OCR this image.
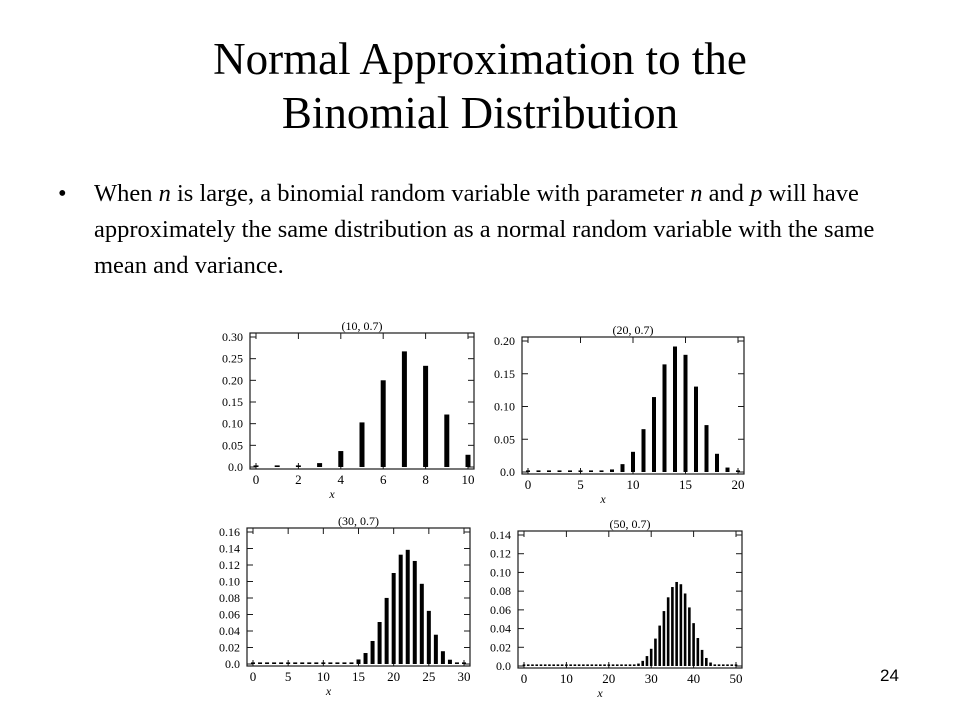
Normal Approximation to the
Binomial Distribution
• When n is large, a binomial random variable with parameter n and p will have approximately the same distribution as a normal random variable with the same mean and variance.
(10, 0.7)
0.0
0.05
0.10
0.15
0.20
0.25
0.30
0	2	4	6	8	10
x
(20, 0.7)
0.0
0.05
0.10
0.15
0.20
0	5	10	15	20
x
(30, 0.7)
0.0
0.02
0.04
0.06
0.08
0.10
0.12
0.14
0.16
0 5 10 15 20 25 30
x
(50, 0.7)
0.0
0.02
0.04
0.06
0.08
0.10
0.12
0.14
0	10 20 30 40 50
x
24
